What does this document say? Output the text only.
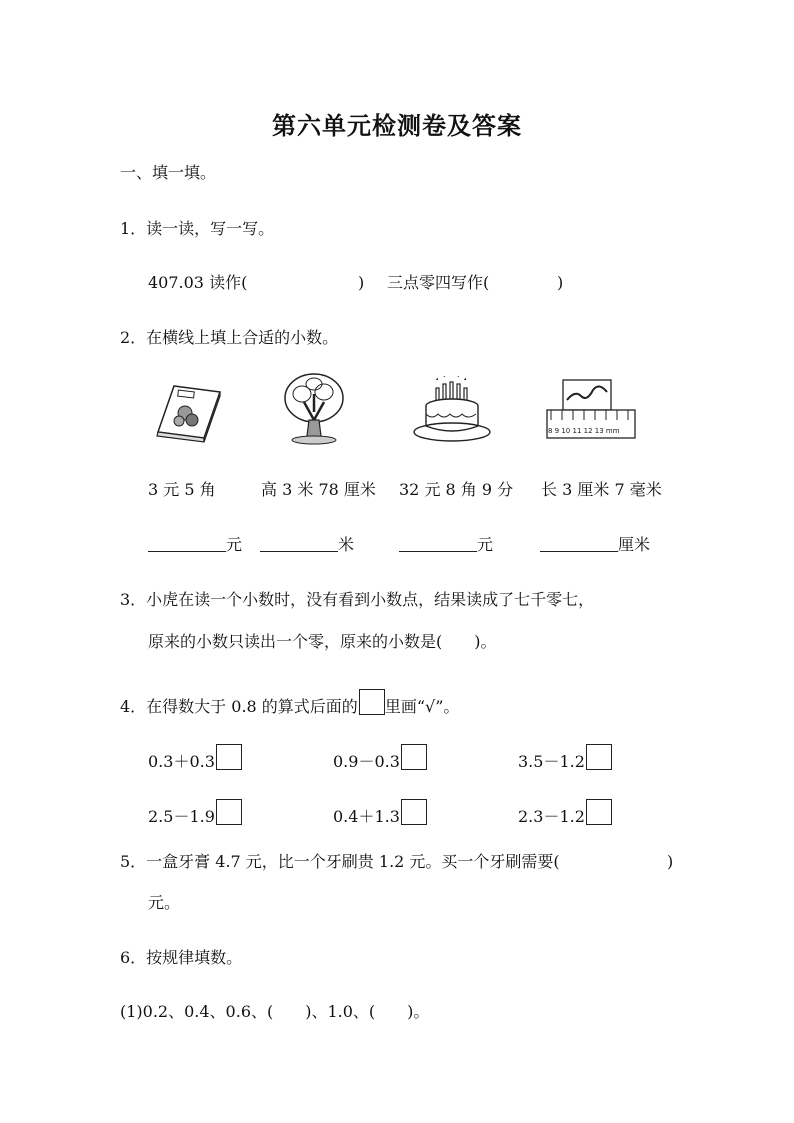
第六单元检测卷及答案
一、填一填。
1．读一读，写一写。
407.03 读作(	) 三点零四写作(	)
2．在横线上填上合适的小数。
8 9 10 11 12 13 mm
3 元 5 角	高 3 米 78 厘米 32 元 8 角 9 分 长 3 厘米 7 毫米
元	米	元	厘米
3．小虎在读一个小数时，没有看到小数点，结果读成了七千零七，
原来的小数只读出一个零，原来的小数是(　　)。
4．在得数大于 0.8 的算式后面的 里画“√”。
0.3＋0.3	0.9－0.3	3.5－1.2
2.5－1.9	0.4＋1.3	2.3－1.2
5．一盒牙膏 4.7 元，比一个牙刷贵 1.2 元。买一个牙刷需要(	)
元。
6．按规律填数。
(1)0.2、0.4、0.6、(　　)、1.0、(　　)。
